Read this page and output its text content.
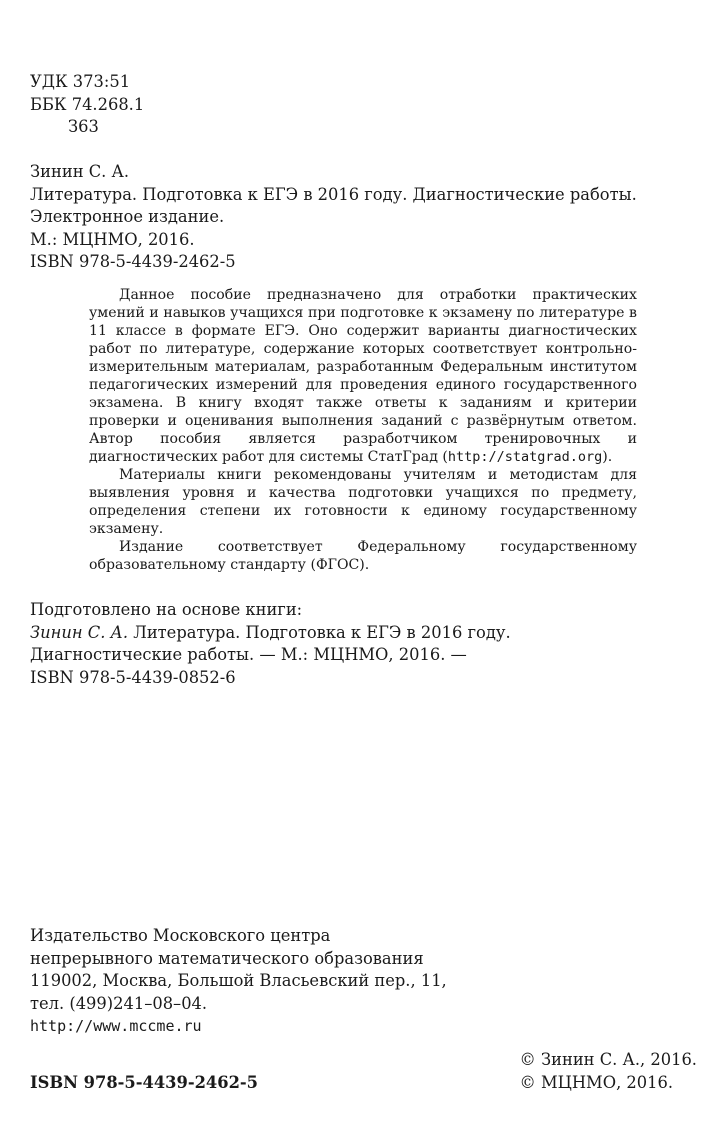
УДК 373:51
ББК 74.268.1
З63
Зинин С. А.
Литература. Подготовка к ЕГЭ в 2016 году. Диагностические работы.
Электронное издание.
М.: МЦНМО, 2016.
ISBN 978-5-4439-2462-5

Данное пособие предназначено для отработки практических умений и навыков учащихся при подготовке к экзамену по литературе в 11 классе в формате ЕГЭ. Оно содержит варианты диагностических работ по литературе, содержание которых соответствует контрольно-измерительным материалам, разработанным Федеральным институтом педагогических измерений для проведения единого государственного экзамена. В книгу входят также ответы к заданиям и критерии проверки и оценивания выполнения заданий с развёрнутым ответом. Автор пособия является разработчиком тренировочных и диагностических работ для системы СтатГрад (http://statgrad.org).

Материалы книги рекомендованы учителям и методистам для выявления уровня и качества подготовки учащихся по предмету, определения степени их готовности к единому государственному экзамену.

Издание соответствует Федеральному государственному образовательному стандарту (ФГОС).

Подготовлено на основе книги:
Зинин С. А. Литература. Подготовка к ЕГЭ в 2016 году.
Диагностические работы. — М.: МЦНМО, 2016. —
ISBN 978-5-4439-0852-6
Издательство Московского центра
непрерывного математического образования
119002, Москва, Большой Власьевский пер., 11,
тел. (499)241–08–04.
http://www.mccme.ru
© Зинин С. А., 2016.
© МЦНМО, 2016.
ISBN 978-5-4439-2462-5
